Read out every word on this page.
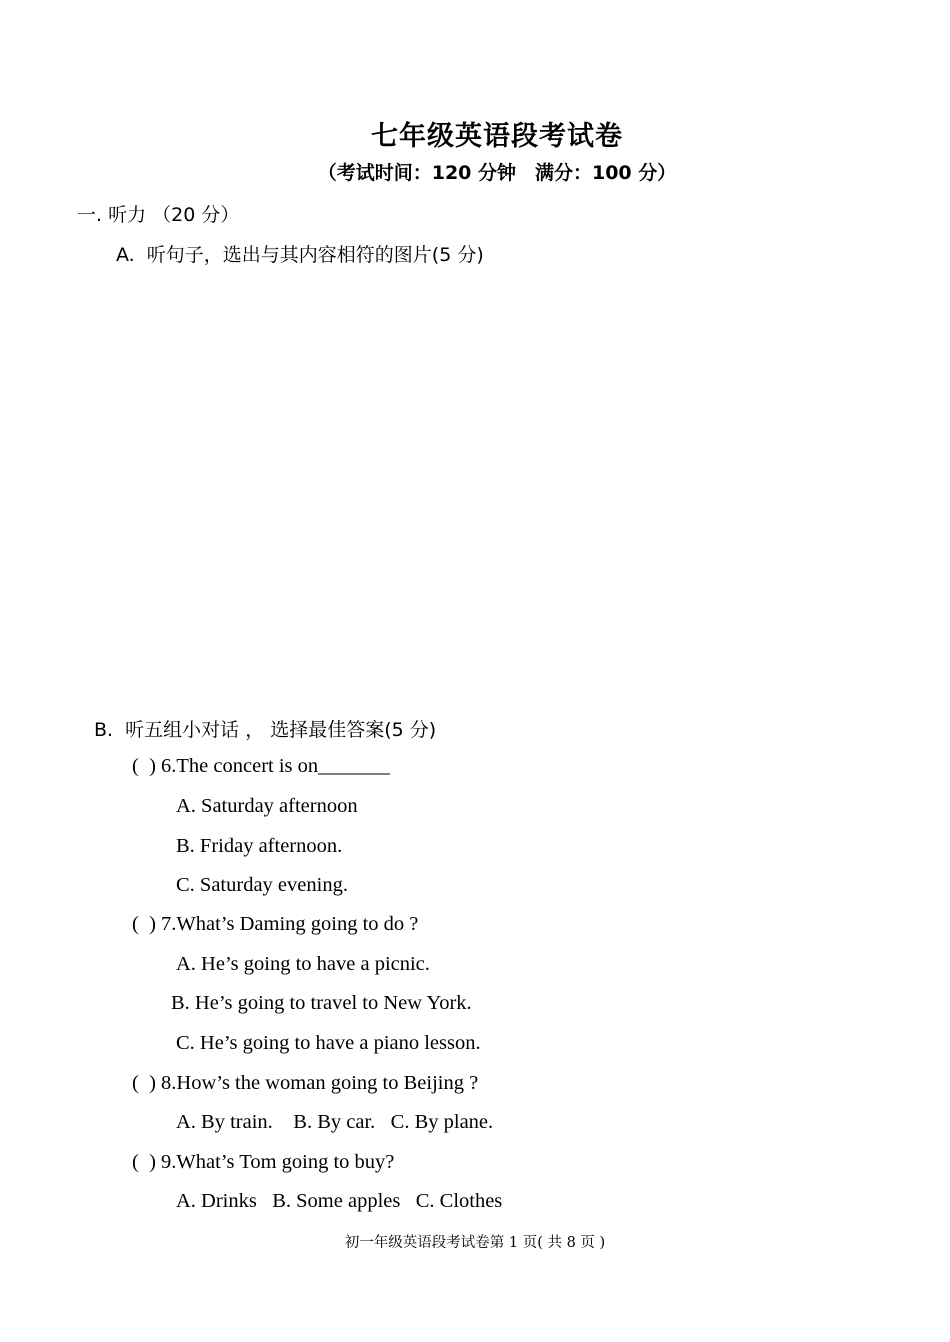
七年级英语段考试卷
（考试时间：120 分钟　满分：100 分）
一. 听力 （20 分）
A.  听句子，选出与其内容相符的图片(5 分)
B.  听五组小对话 ， 选择最佳答案(5 分)
(  ) 6.The concert is on_______
A. Saturday afternoon
B. Friday afternoon.
C. Saturday evening.
(  ) 7.What’s Daming going to do ?
A. He’s going to have a picnic.
B. He’s going to travel to New York.
C. He’s going to have a piano lesson.
(  ) 8.How’s the woman going to Beijing ?
A. By train.    B. By car.   C. By plane.
(  ) 9.What’s Tom going to buy?
A. Drinks   B. Some apples   C. Clothes
初一年级英语段考试卷第 1 页( 共 8 页 )
